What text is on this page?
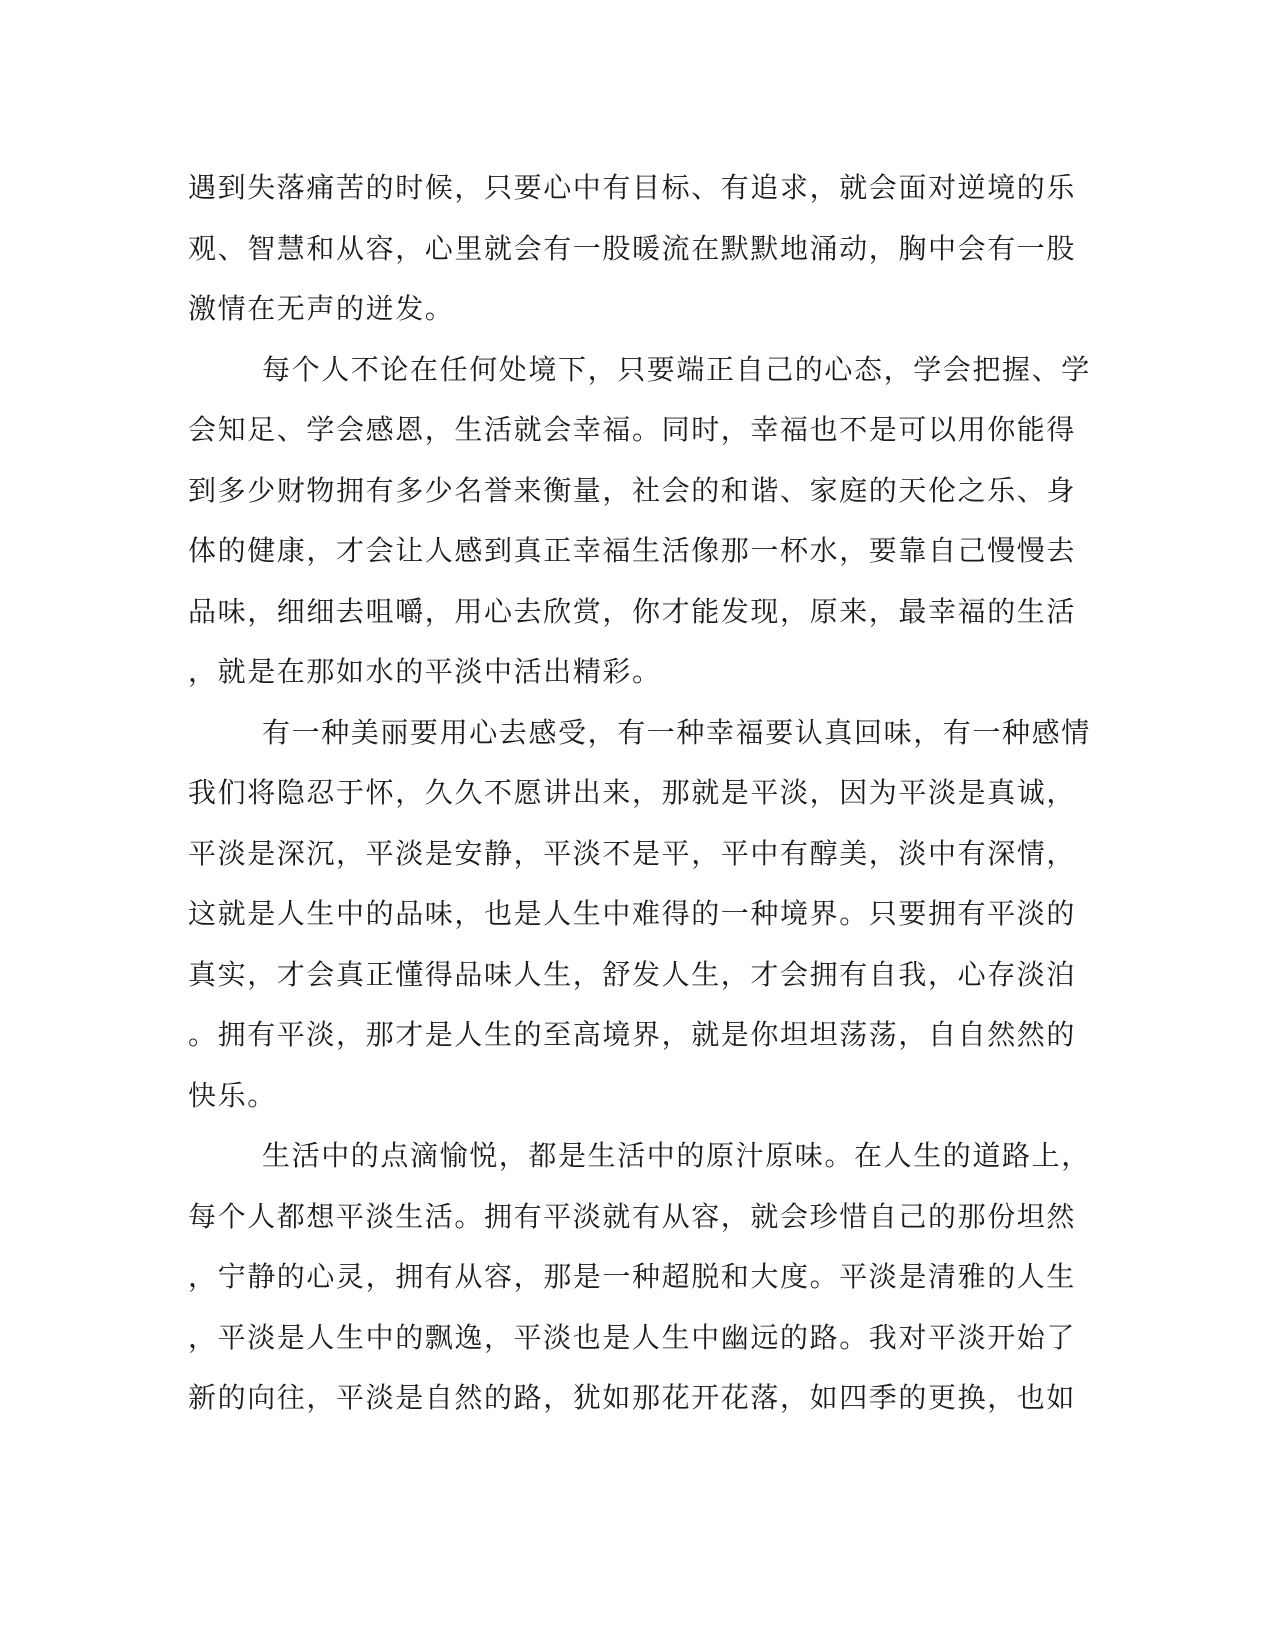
遇到失落痛苦的时候，只要心中有目标、有追求，就会面对逆境的乐
观、智慧和从容，心里就会有一股暖流在默默地涌动，胸中会有一股
激情在无声的迸发。
每个人不论在任何处境下，只要端正自己的心态，学会把握、学
会知足、学会感恩，生活就会幸福。同时，幸福也不是可以用你能得
到多少财物拥有多少名誉来衡量，社会的和谐、家庭的天伦之乐、身
体的健康，才会让人感到真正幸福生活像那一杯水，要靠自己慢慢去
品味，细细去咀嚼，用心去欣赏，你才能发现，原来，最幸福的生活
，就是在那如水的平淡中活出精彩。
有一种美丽要用心去感受，有一种幸福要认真回味，有一种感情
我们将隐忍于怀，久久不愿讲出来，那就是平淡，因为平淡是真诚，
平淡是深沉，平淡是安静，平淡不是平，平中有醇美，淡中有深情，
这就是人生中的品味，也是人生中难得的一种境界。只要拥有平淡的
真实，才会真正懂得品味人生，舒发人生，才会拥有自我，心存淡泊
。拥有平淡，那才是人生的至高境界，就是你坦坦荡荡，自自然然的
快乐。
生活中的点滴愉悦，都是生活中的原汁原味。在人生的道路上，
每个人都想平淡生活。拥有平淡就有从容，就会珍惜自己的那份坦然
，宁静的心灵，拥有从容，那是一种超脱和大度。平淡是清雅的人生
，平淡是人生中的飘逸，平淡也是人生中幽远的路。我对平淡开始了
新的向往，平淡是自然的路，犹如那花开花落，如四季的更换，也如
